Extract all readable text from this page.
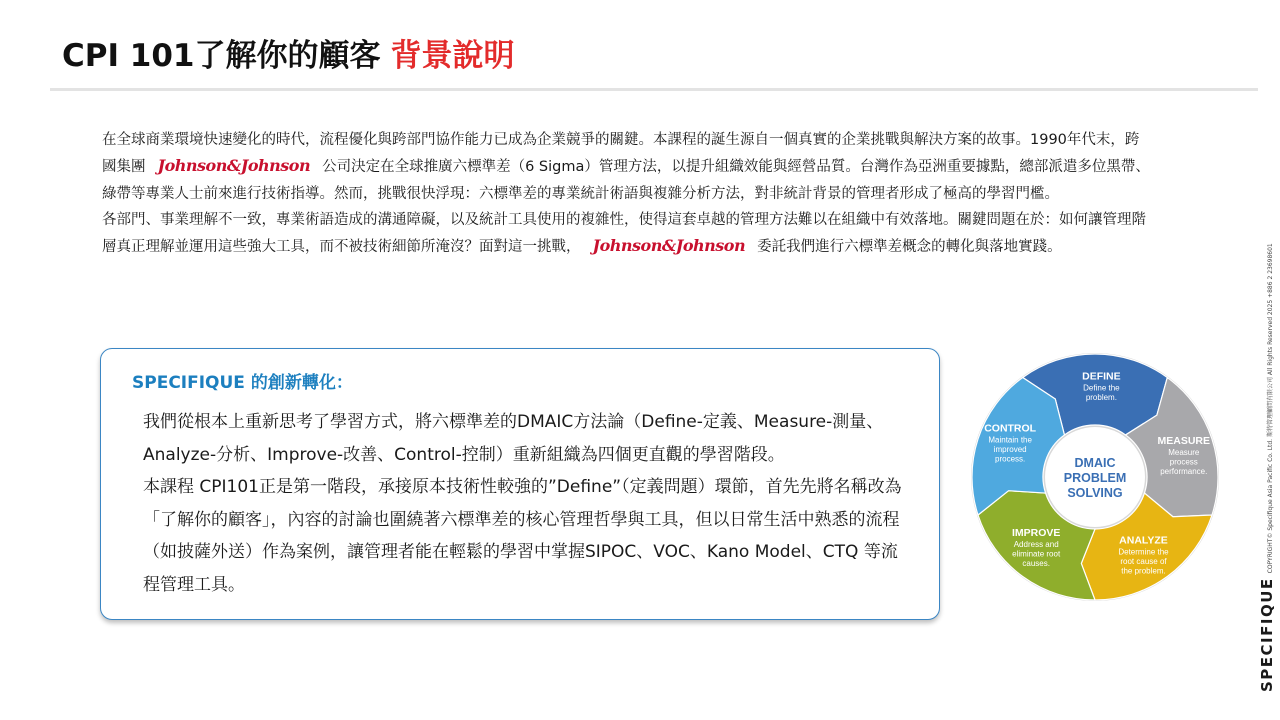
CPI 101了解你的顧客 背景說明

在全球商業環境快速變化的時代，流程優化與跨部門協作能力已成為企業競爭的關鍵。本課程的誕生源自一個真實的企業挑戰與解決方案的故事。1990年代末，跨國集團 Johnson&Johnson 公司決定在全球推廣六標準差（6 Sigma）管理方法，以提升組織效能與經營品質。台灣作為亞洲重要據點，總部派遣多位黑帶、綠帶等專業人士前來進行技術指導。然而，挑戰很快浮現：六標準差的專業統計術語與複雜分析方法，對非統計背景的管理者形成了極高的學習門檻。

各部門、事業理解不一致，專業術語造成的溝通障礙，以及統計工具使用的複雜性，使得這套卓越的管理方法難以在組織中有效落地。關鍵問題在於：如何讓管理階層真正理解並運用這些強大工具，而不被技術細節所淹沒？面對這一挑戰， Johnson&Johnson 委託我們進行六標準差概念的轉化與落地實踐。

SPECIFIQUE 的創新轉化：

我們從根本上重新思考了學習方式，將六標準差的DMAIC方法論（Define-定義、Measure-測量、Analyze-分析、Improve-改善、Control-控制）重新組織為四個更直觀的學習階段。

本課程 CPI101正是第一階段，承接原本技術性較強的”Define”（定義問題）環節，首先先將名稱改為「了解你的顧客」，內容的討論也圍繞著六標準差的核心管理哲學與工具，但以日常生活中熟悉的流程（如披薩外送）作為案例，讓管理者能在輕鬆的學習中掌握SIPOC、VOC、Kano Model、CTQ 等流程管理工具。

DEFINE
Define the
problem.
MEASURE
Measure
process
performance.
ANALYZE
Determine the
root cause of
the problem.
IMPROVE
Address and
eliminate root
causes.
CONTROL
Maintain the
improved
process.	DMAIC
PROBLEM
SOLVING
SPECIFIQUE
COPYRIGHT© Specifique Asia Pacific Co. Ltd. 斯特管理顧問有限公司 All Rights Reserved 2025 +886 2 23698601
